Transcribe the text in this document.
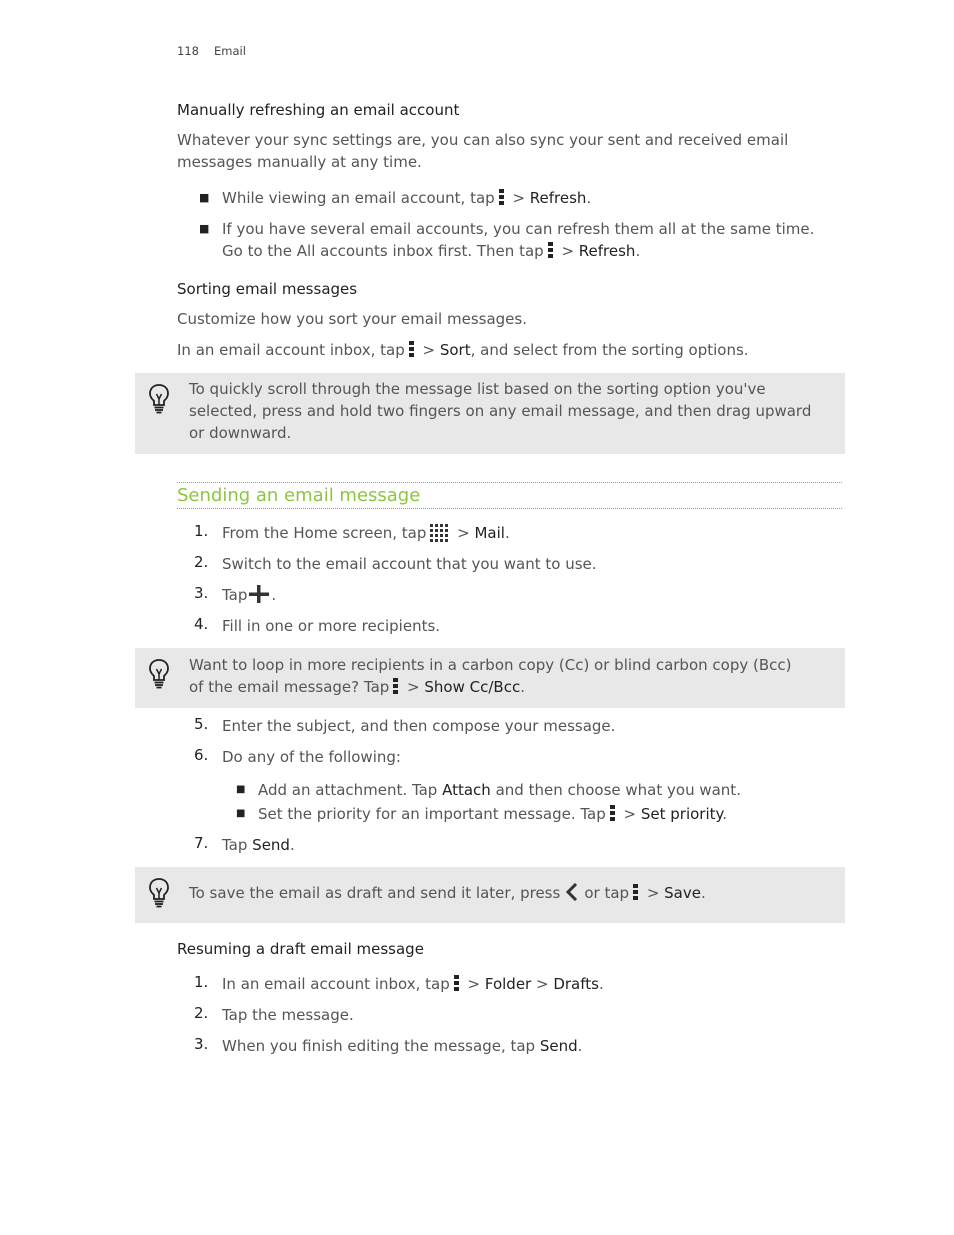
118 Email
Manually refreshing an email account
Whatever your sync settings are, you can also sync your sent and received email messages manually at any time.
■ While viewing an email account, tap
> Refresh.
■ If you have several email accounts, you can refresh them all at the same time.
Go to the All accounts inbox first. Then tap
> Refresh.
Sorting email messages
Customize how you sort your email messages.
In an email account inbox, tap
> Sort, and select from the sorting options.
To quickly scroll through the message list based on the sorting option you've selected, press and hold two fingers on any email message, and then drag upward or downward.
Sending an email message
1. From the Home screen, tap > Mail.
2. Switch to the email account that you want to use.
3. Tap .
4. Fill in one or more recipients.
Want to loop in more recipients in a carbon copy (Cc) or blind carbon copy (Bcc)
of the email message? Tap
> Show Cc/Bcc.
5. Enter the subject, and then compose your message.
6. Do any of the following:
■ Add an attachment. Tap Attach and then choose what you want.
■ Set the priority for an important message. Tap
> Set priority.
7. Tap Send.
To save the email as draft and send it later, press or tap
> Save.
Resuming a draft email message
1. In an email account inbox, tap
> Folder > Drafts.
2. Tap the message.
3. When you finish editing the message, tap Send.
